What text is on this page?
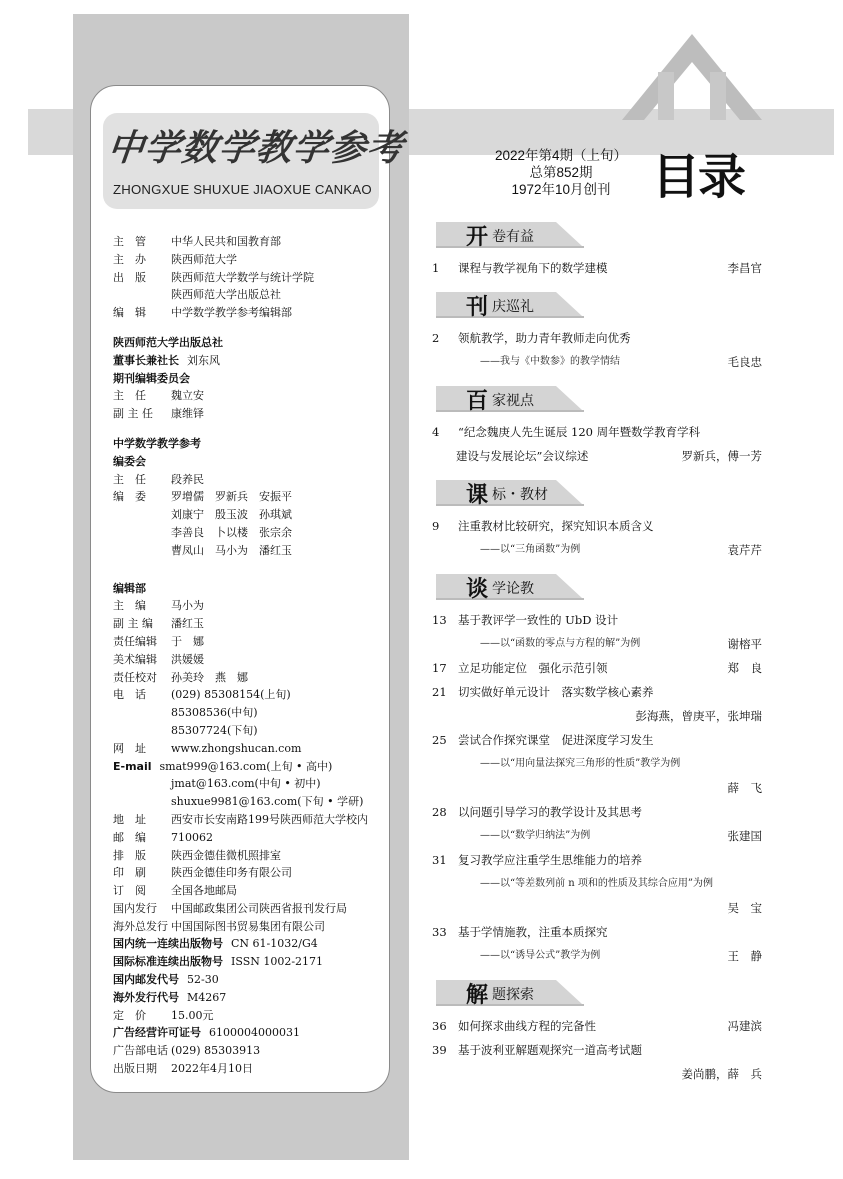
中学数学教学参考
ZHONGXUE SHUXUE JIAOXUE CANKAO
2022年第4期（上旬）
总第852期
1972年10月创刊 目录
主　管	中华人民共和国教育部
主　办	陕西师范大学
出　版	陕西师范大学数学与统计学院
陕西师范大学出版总社
编　辑	中学数学教学参考编辑部
陕西师范大学出版总社
董事长兼社长 刘东风
期刊编辑委员会
主　任	魏立安
副 主 任	康维铎
中学数学教学参考
编委会
主　任	段养民
编　委	罗增儒　罗新兵　安振平
刘康宁　殷玉波　孙琪斌
李善良　卜以楼　张宗余
曹凤山　马小为　潘红玉
编辑部
主　编	马小为
副 主 编	潘红玉
责任编辑	于　娜
美术编辑	洪媛媛
责任校对	孙美玲　燕　娜
电　话	(029) 85308154(上旬)
85308536(中旬)
85307724(下旬)
网　址	www.zhongshucan.com
E-mail smat999@163.com(上旬 • 高中)
jmat@163.com(中旬 • 初中)
shuxue9981@163.com(下旬 • 学研)
地　址	西安市长安南路199号陕西师范大学校内
邮　编	710062
排　版	陕西金德佳微机照排室
印　刷	陕西金德佳印务有限公司
订　阅	全国各地邮局
国内发行	中国邮政集团公司陕西省报刊发行局
海外总发行 中国国际图书贸易集团有限公司
国内统一连续出版物号 CN 61-1032/G4
国际标准连续出版物号 ISSN 1002-2171
国内邮发代号 52-30
海外发行代号 M4267
定　价	15.00元
广告经营许可证号 6100004000031
广告部电话 (029) 85303913
出版日期	2022年4月10日
开 卷有益
1 课程与教学视角下的数学建模	李昌官
刊 庆巡礼
2 领航教学，助力青年教师走向优秀
——我与《中数参》的教学情结	毛良忠
百 家视点
4 “纪念魏庚人先生诞辰 120 周年暨数学教育学科
建设与发展论坛”会议综述	罗新兵，傅一芳
课 标・教材
9 注重教材比较研究，探究知识本质含义
——以“三角函数”为例	袁芹芹
谈 学论教
13 基于教评学一致性的 UbD 设计
——以“函数的零点与方程的解”为例	谢榕平
17 立足功能定位　强化示范引领	郑　良
21 切实做好单元设计　落实数学核心素养
彭海燕，曾庚平，张坤瑞
25 尝试合作探究课堂　促进深度学习发生
——以“用向量法探究三角形的性质”教学为例
薛　飞
28 以问题引导学习的教学设计及其思考
——以“数学归纳法”为例	张建国
31 复习教学应注重学生思维能力的培养
——以“等差数列前 n 项和的性质及其综合应用”为例
吴　宝
33 基于学情施教，注重本质探究
——以“诱导公式”教学为例	王　静
解 题探索
36 如何探求曲线方程的完备性	冯建滨
39 基于波利亚解题观探究一道高考试题
姜尚鹏，薛　兵
